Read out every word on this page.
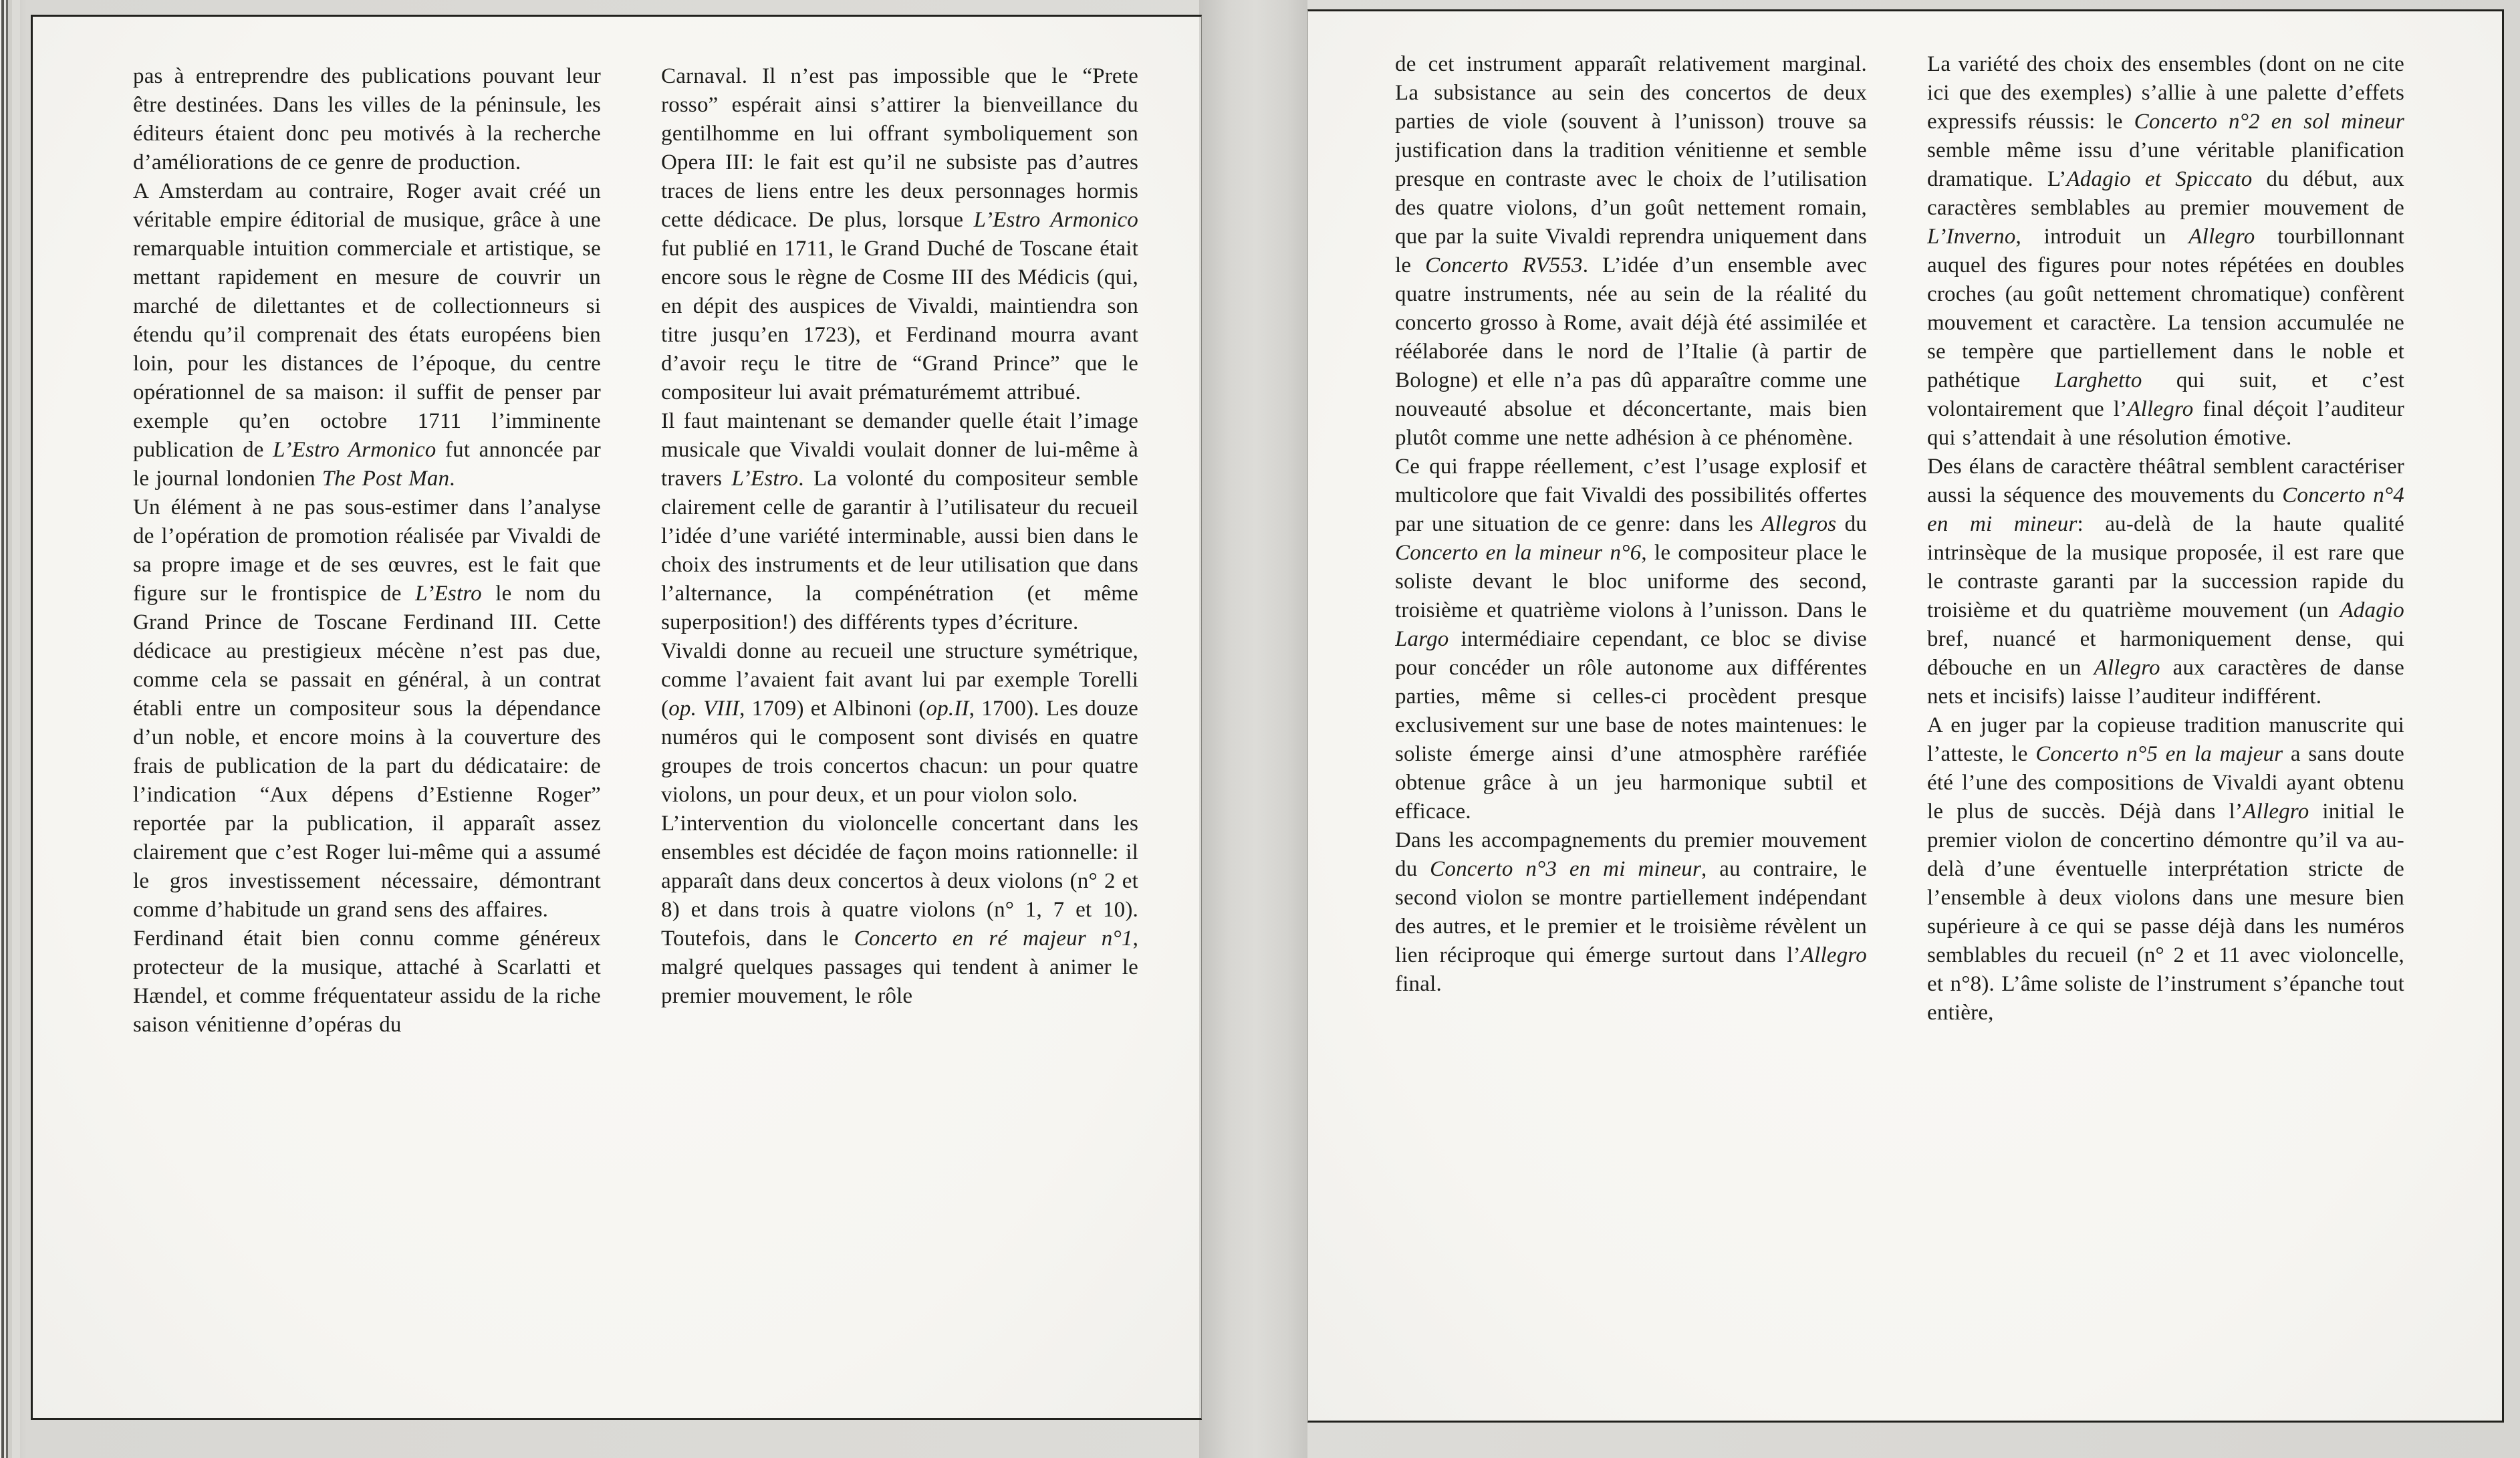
pas à entreprendre des publications pouvant leur être destinées. Dans les villes de la péninsule, les éditeurs étaient donc peu motivés à la recherche d’améliorations de ce genre de production.
A Amsterdam au contraire, Roger avait créé un véritable empire éditorial de musique, grâce à une remarquable intuition commerciale et artistique, se mettant rapidement en mesure de couvrir un marché de dilettantes et de collectionneurs si étendu qu’il comprenait des états européens bien loin, pour les distances de l’époque, du centre opérationnel de sa maison: il suffit de penser par exemple qu’en octobre 1711 l’imminente publication de L’Estro Armonico fut annoncée par le journal londonien The Post Man.
Un élément à ne pas sous-estimer dans l’analyse de l’opération de promotion réalisée par Vivaldi de sa propre image et de ses œuvres, est le fait que figure sur le frontispice de L’Estro le nom du Grand Prince de Toscane Ferdinand III. Cette dédicace au prestigieux mécène n’est pas due, comme cela se passait en général, à un contrat établi entre un compositeur sous la dépendance d’un noble, et encore moins à la couverture des frais de publication de la part du dédicataire: de l’indication “Aux dépens d’Estienne Roger” reportée par la publication, il apparaît assez clairement que c’est Roger lui-même qui a assumé le gros investissement nécessaire, démontrant comme d’habitude un grand sens des affaires.
Ferdinand était bien connu comme généreux protecteur de la musique, attaché à Scarlatti et Hændel, et comme fréquentateur assidu de la riche saison vénitienne d’opéras du
Carnaval. Il n’est pas impossible que le “Prete rosso” espérait ainsi s’attirer la bienveillance du gentilhomme en lui offrant symboliquement son Opera III: le fait est qu’il ne subsiste pas d’autres traces de liens entre les deux personnages hormis cette dédicace. De plus, lorsque L’Estro Armonico fut publié en 1711, le Grand Duché de Toscane était encore sous le règne de Cosme III des Médicis (qui, en dépit des auspices de Vivaldi, maintiendra son titre jusqu’en 1723), et Ferdinand mourra avant d’avoir reçu le titre de “Grand Prince” que le compositeur lui avait prématurémemt attribué.
Il faut maintenant se demander quelle était l’image musicale que Vivaldi voulait donner de lui-même à travers L’Estro. La volonté du compositeur semble clairement celle de garantir à l’utilisateur du recueil l’idée d’une variété interminable, aussi bien dans le choix des instruments et de leur utilisation que dans l’alternance, la compénétration (et même superposition!) des différents types d’écriture.
Vivaldi donne au recueil une structure symétrique, comme l’avaient fait avant lui par exemple Torelli (op. VIII, 1709) et Albinoni (op.II, 1700). Les douze numéros qui le composent sont divisés en quatre groupes de trois concertos chacun: un pour quatre violons, un pour deux, et un pour violon solo.
L’intervention du violoncelle concertant dans les ensembles est décidée de façon moins rationnelle: il apparaît dans deux concertos à deux violons (n° 2 et 8) et dans trois à quatre violons (n° 1, 7 et 10). Toutefois, dans le Concerto en ré majeur n°1, malgré quelques passages qui tendent à animer le premier mouvement, le rôle
de cet instrument apparaît relativement marginal. La subsistance au sein des concertos de deux parties de viole (souvent à l’unisson) trouve sa justification dans la tradition vénitienne et semble presque en contraste avec le choix de l’utilisation des quatre violons, d’un goût nettement romain, que par la suite Vivaldi reprendra uniquement dans le Concerto RV553. L’idée d’un ensemble avec quatre instruments, née au sein de la réalité du concerto grosso à Rome, avait déjà été assimilée et réélaborée dans le nord de l’Italie (à partir de Bologne) et elle n’a pas dû apparaître comme une nouveauté absolue et déconcertante, mais bien plutôt comme une nette adhésion à ce phénomène.
Ce qui frappe réellement, c’est l’usage explosif et multicolore que fait Vivaldi des possibilités offertes par une situation de ce genre: dans les Allegros du Concerto en la mineur n°6, le compositeur place le soliste devant le bloc uniforme des second, troisième et quatrième violons à l’unisson. Dans le Largo intermédiaire cependant, ce bloc se divise pour concéder un rôle autonome aux différentes parties, même si celles-ci procèdent presque exclusivement sur une base de notes maintenues: le soliste émerge ainsi d’une atmosphère raréfiée obtenue grâce à un jeu harmonique subtil et efficace.
Dans les accompagnements du premier mouvement du Concerto n°3 en mi mineur, au contraire, le second violon se montre partiellement indépendant des autres, et le premier et le troisième révèlent un lien réciproque qui émerge surtout dans l’Allegro final.
La variété des choix des ensembles (dont on ne cite ici que des exemples) s’allie à une palette d’effets expressifs réussis: le Concerto n°2 en sol mineur semble même issu d’une véritable planification dramatique. L’Adagio et Spiccato du début, aux caractères semblables au premier mouvement de L’Inverno, introduit un Allegro tourbillonnant auquel des figures pour notes répétées en doubles croches (au goût nettement chromatique) confèrent mouvement et caractère. La tension accumulée ne se tempère que partiellement dans le noble et pathétique Larghetto qui suit, et c’est volontairement que l’Allegro final déçoit l’auditeur qui s’attendait à une résolution émotive.
Des élans de caractère théâtral semblent caractériser aussi la séquence des mouvements du Concerto n°4 en mi mineur: au-delà de la haute qualité intrinsèque de la musique proposée, il est rare que le contraste garanti par la succession rapide du troisième et du quatrième mouvement (un Adagio bref, nuancé et harmoniquement dense, qui débouche en un Allegro aux caractères de danse nets et incisifs) laisse l’auditeur indifférent.
A en juger par la copieuse tradition manuscrite qui l’atteste, le Concerto n°5 en la majeur a sans doute été l’une des compositions de Vivaldi ayant obtenu le plus de succès. Déjà dans l’Allegro initial le premier violon de concertino démontre qu’il va au-delà d’une éventuelle interprétation stricte de l’ensemble à deux violons dans une mesure bien supérieure à ce qui se passe déjà dans les numéros semblables du recueil (n° 2 et 11 avec violoncelle, et n°8). L’âme soliste de l’instrument s’épanche tout entière,
